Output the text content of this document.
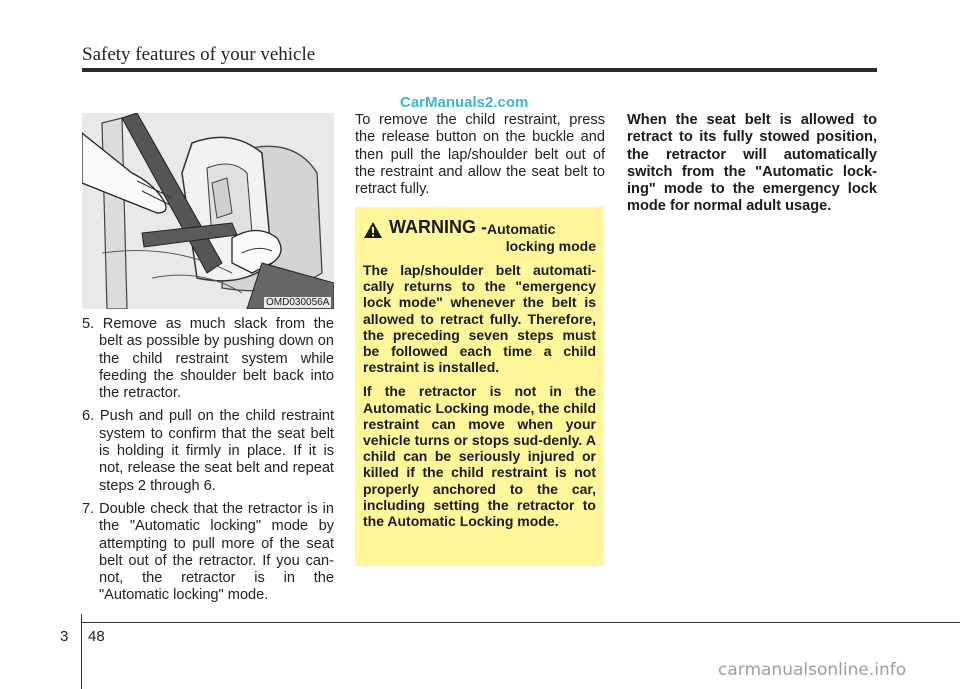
Safety features of your vehicle
CarManuals2.com
OMD030056A
5. Remove as much slack from the belt as possible by pushing down on the child restraint system while feeding the shoulder belt back into the retractor.
6. Push and pull on the child restraint system to confirm that the seat belt is holding it firmly in place. If it is not, release the seat belt and repeat steps 2 through 6.
7. Double check that the retractor is in the "Automatic locking" mode by attempting to pull more of the seat belt out of the retractor. If you can-not, the retractor is in the "Automatic locking" mode.
To remove the child restraint, press the release button on the buckle and then pull the lap/shoulder belt out of the restraint and allow the seat belt to retract fully.
WARNING - Automatic
locking mode
The lap/shoulder belt automati-cally returns to the "emergency lock mode" whenever the belt is allowed to retract fully. Therefore, the preceding seven steps must be followed each time a child restraint is installed.
If the retractor is not in the Automatic Locking mode, the child restraint can move when your vehicle turns or stops sud-denly. A child can be seriously injured or killed if the child restraint is not properly anchored to the car, including setting the retractor to the Automatic Locking mode.
When the seat belt is allowed to retract to its fully stowed position, the retractor will automatically switch from the "Automatic lock-ing" mode to the emergency lock mode for normal adult usage.
3 48
carmanualsonline.info
